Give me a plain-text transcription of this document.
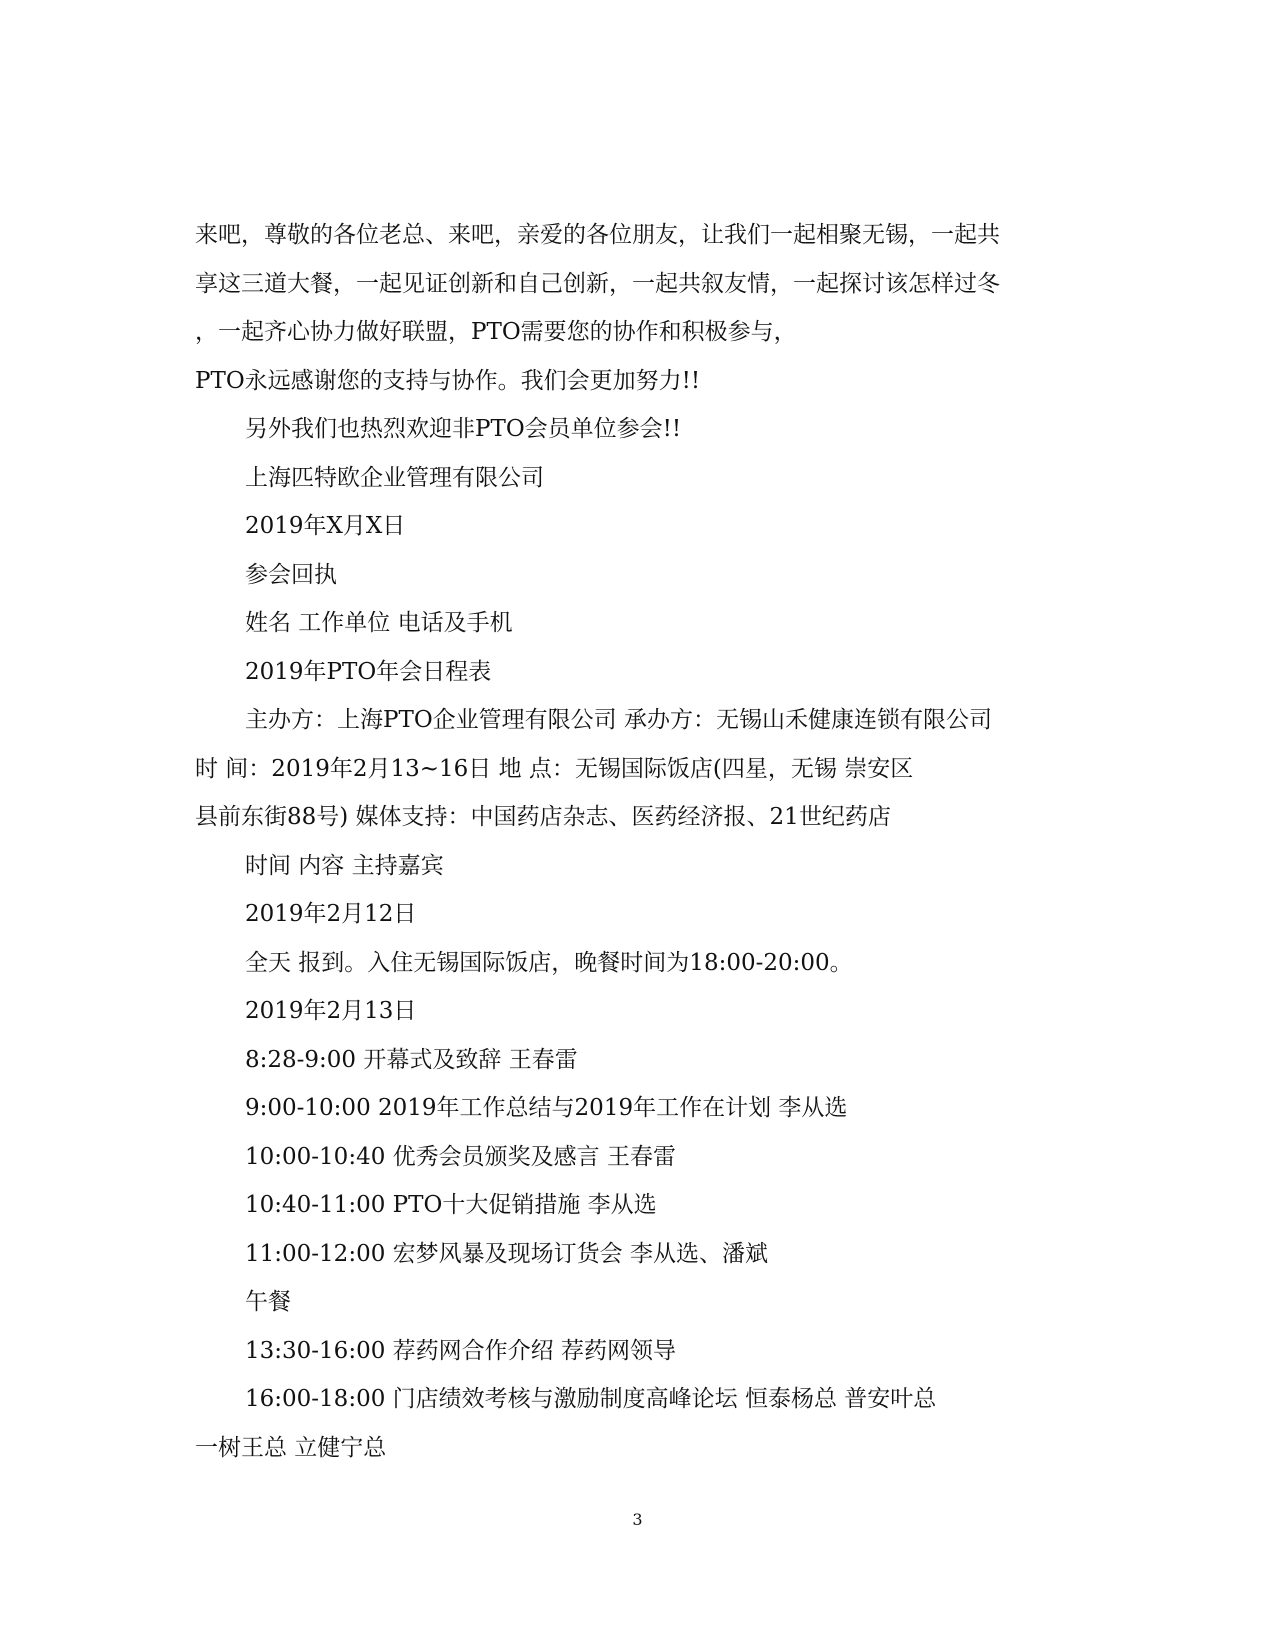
来吧，尊敬的各位老总、来吧，亲爱的各位朋友，让我们一起相聚无锡，一起共

享这三道大餐，一起见证创新和自己创新，一起共叙友情，一起探讨该怎样过冬

，一起齐心协力做好联盟，PTO需要您的协作和积极参与，

PTO永远感谢您的支持与协作。我们会更加努力!!

另外我们也热烈欢迎非PTO会员单位参会!!

上海匹特欧企业管理有限公司

2019年X月X日

参会回执

姓名 工作单位 电话及手机

2019年PTO年会日程表

主办方：上海PTO企业管理有限公司 承办方：无锡山禾健康连锁有限公司

时 间：2019年2月13~16日 地 点：无锡国际饭店(四星，无锡 崇安区

县前东街88号) 媒体支持：中国药店杂志、医药经济报、21世纪药店

时间 内容 主持嘉宾

2019年2月12日

全天 报到。入住无锡国际饭店，晚餐时间为18:00-20:00。

2019年2月13日

8:28-9:00 开幕式及致辞 王春雷

9:00-10:00 2019年工作总结与2019年工作在计划 李从选

10:00-10:40 优秀会员颁奖及感言 王春雷

10:40-11:00 PTO十大促销措施 李从选

11:00-12:00 宏梦风暴及现场订货会 李从选、潘斌

午餐

13:30-16:00 荐药网合作介绍 荐药网领导

16:00-18:00 门店绩效考核与激励制度高峰论坛 恒泰杨总 普安叶总

一树王总 立健宁总

3
